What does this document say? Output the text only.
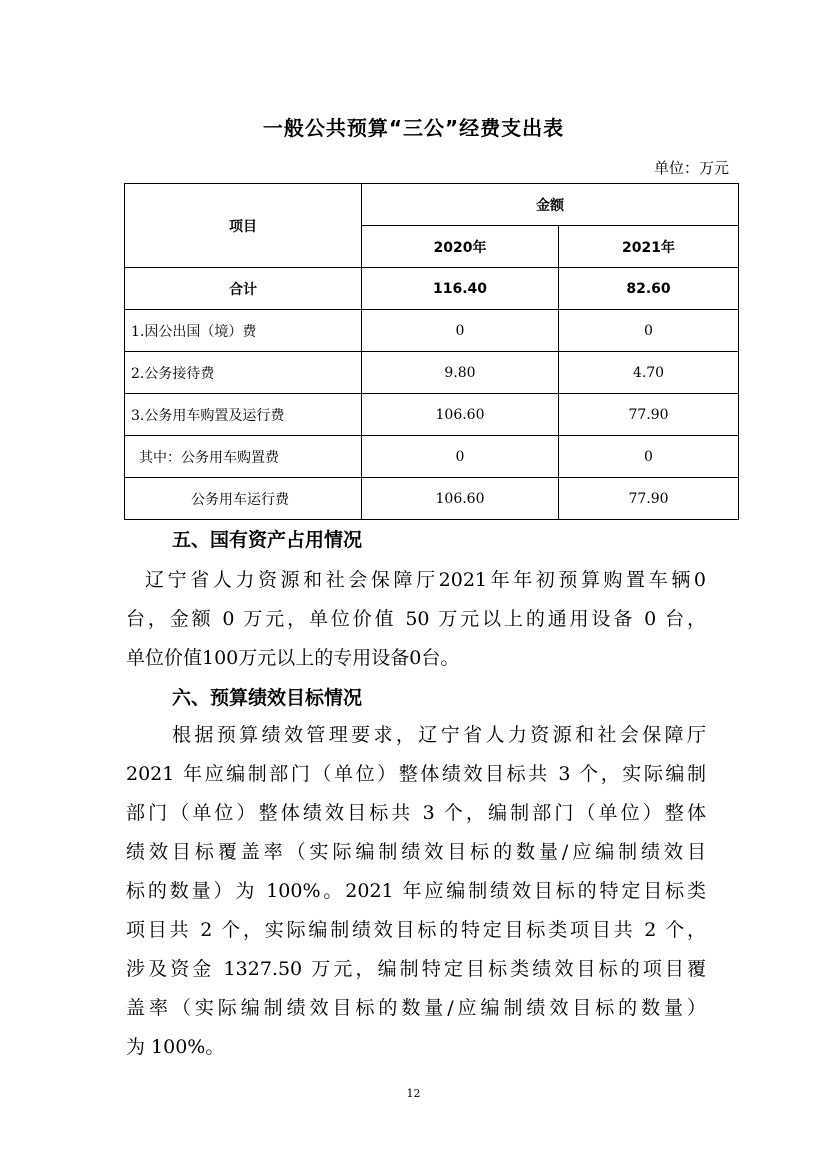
一般公共预算“三公”经费支出表
单位：万元
项目	金额	
	2020年	2021年
合计	116.40	82.60
1.因公出国（境）费	0	0
2.公务接待费	9.80	4.70
3.公务用车购置及运行费	106.60	77.90
其中：公务用车购置费	0	0
公务用车运行费	106.60	77.90
五、国有资产占用情况
辽宁省人力资源和社会保障厅2021年年初预算购置车辆0
台，金额 0 万元，单位价值 50 万元以上的通用设备 0 台，
单位价值100万元以上的专用设备0台。
六、预算绩效目标情况
根据预算绩效管理要求，辽宁省人力资源和社会保障厅
2021 年应编制部门（单位）整体绩效目标共 3 个，实际编制
部门（单位）整体绩效目标共 3 个，编制部门（单位）整体
绩效目标覆盖率（实际编制绩效目标的数量/应编制绩效目
标的数量）为 100%。2021 年应编制绩效目标的特定目标类
项目共 2 个，实际编制绩效目标的特定目标类项目共 2 个，
涉及资金 1327.50 万元，编制特定目标类绩效目标的项目覆
盖率（实际编制绩效目标的数量/应编制绩效目标的数量）
为 100%。
12
